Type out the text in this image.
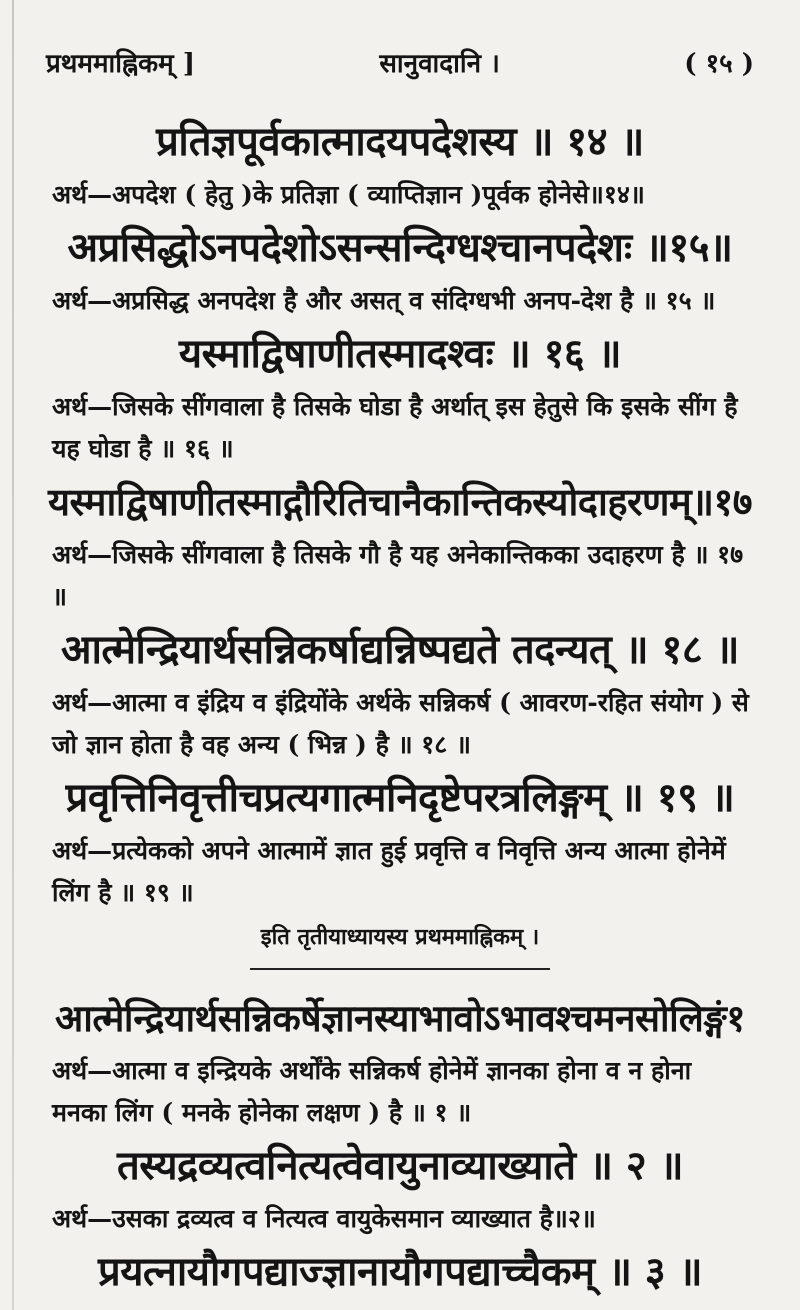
प्रथममाह्निकम् ]	सानुवादानि ।	( १५ )
प्रतिज्ञपूर्वकात्मादयपदेशस्य ॥ १४ ॥
अर्थ—अपदेश ( हेतु )के प्रतिज्ञा ( व्याप्तिज्ञान )पूर्वक होनेसे॥१४॥
अप्रसिद्धोऽनपदेशोऽसन्सन्दिग्धश्चानपदेशः ॥१५॥
अर्थ—अप्रसिद्ध अनपदेश है और असत् व संदिग्धभी अनप-देश है ॥ १५ ॥
यस्माद्विषाणीतस्मादश्वः ॥ १६ ॥
अर्थ—जिसके सींगवाला है तिसके घोडा है अर्थात् इस हेतुसे कि इसके सींग है यह घोडा है ॥ १६ ॥
यस्माद्विषाणीतस्माद्गौरितिचानैकान्तिकस्योदाहरणम्॥१७
अर्थ—जिसके सींगवाला है तिसके गौ है यह अनेकान्तिकका उदाहरण है ॥ १७ ॥
आत्मेन्द्रियार्थसन्निकर्षाद्यन्निष्पद्यते तदन्यत् ॥ १८ ॥
अर्थ—आत्मा व इंद्रिय व इंद्रियोंके अर्थके सन्निकर्ष ( आवरण-रहित संयोग ) से जो ज्ञान होता है वह अन्य ( भिन्न ) है ॥ १८ ॥
प्रवृत्तिनिवृत्तीचप्रत्यगात्मनिदृष्टेपरत्रलिङ्गम् ॥ १९ ॥
अर्थ—प्रत्येकको अपने आत्मामें ज्ञात हुई प्रवृत्ति व निवृत्ति अन्य आत्मा होनेमें लिंग है ॥ १९ ॥
इति तृतीयाध्यायस्य प्रथममाह्निकम् ।
आत्मेन्द्रियार्थसन्निकर्षेज्ञानस्याभावोऽभावश्चमनसोलिङ्गं१
अर्थ—आत्मा व इन्द्रियके अर्थोंके सन्निकर्ष होनेमें ज्ञानका होना व न होना मनका लिंग ( मनके होनेका लक्षण ) है ॥ १ ॥
तस्यद्रव्यत्वनित्यत्वेवायुनाव्याख्याते ॥ २ ॥
अर्थ—उसका द्रव्यत्व व नित्यत्व वायुकेसमान व्याख्यात है॥२॥
प्रयत्नायौगपद्याज्ज्ञानायौगपद्याच्चैकम् ॥ ३ ॥
